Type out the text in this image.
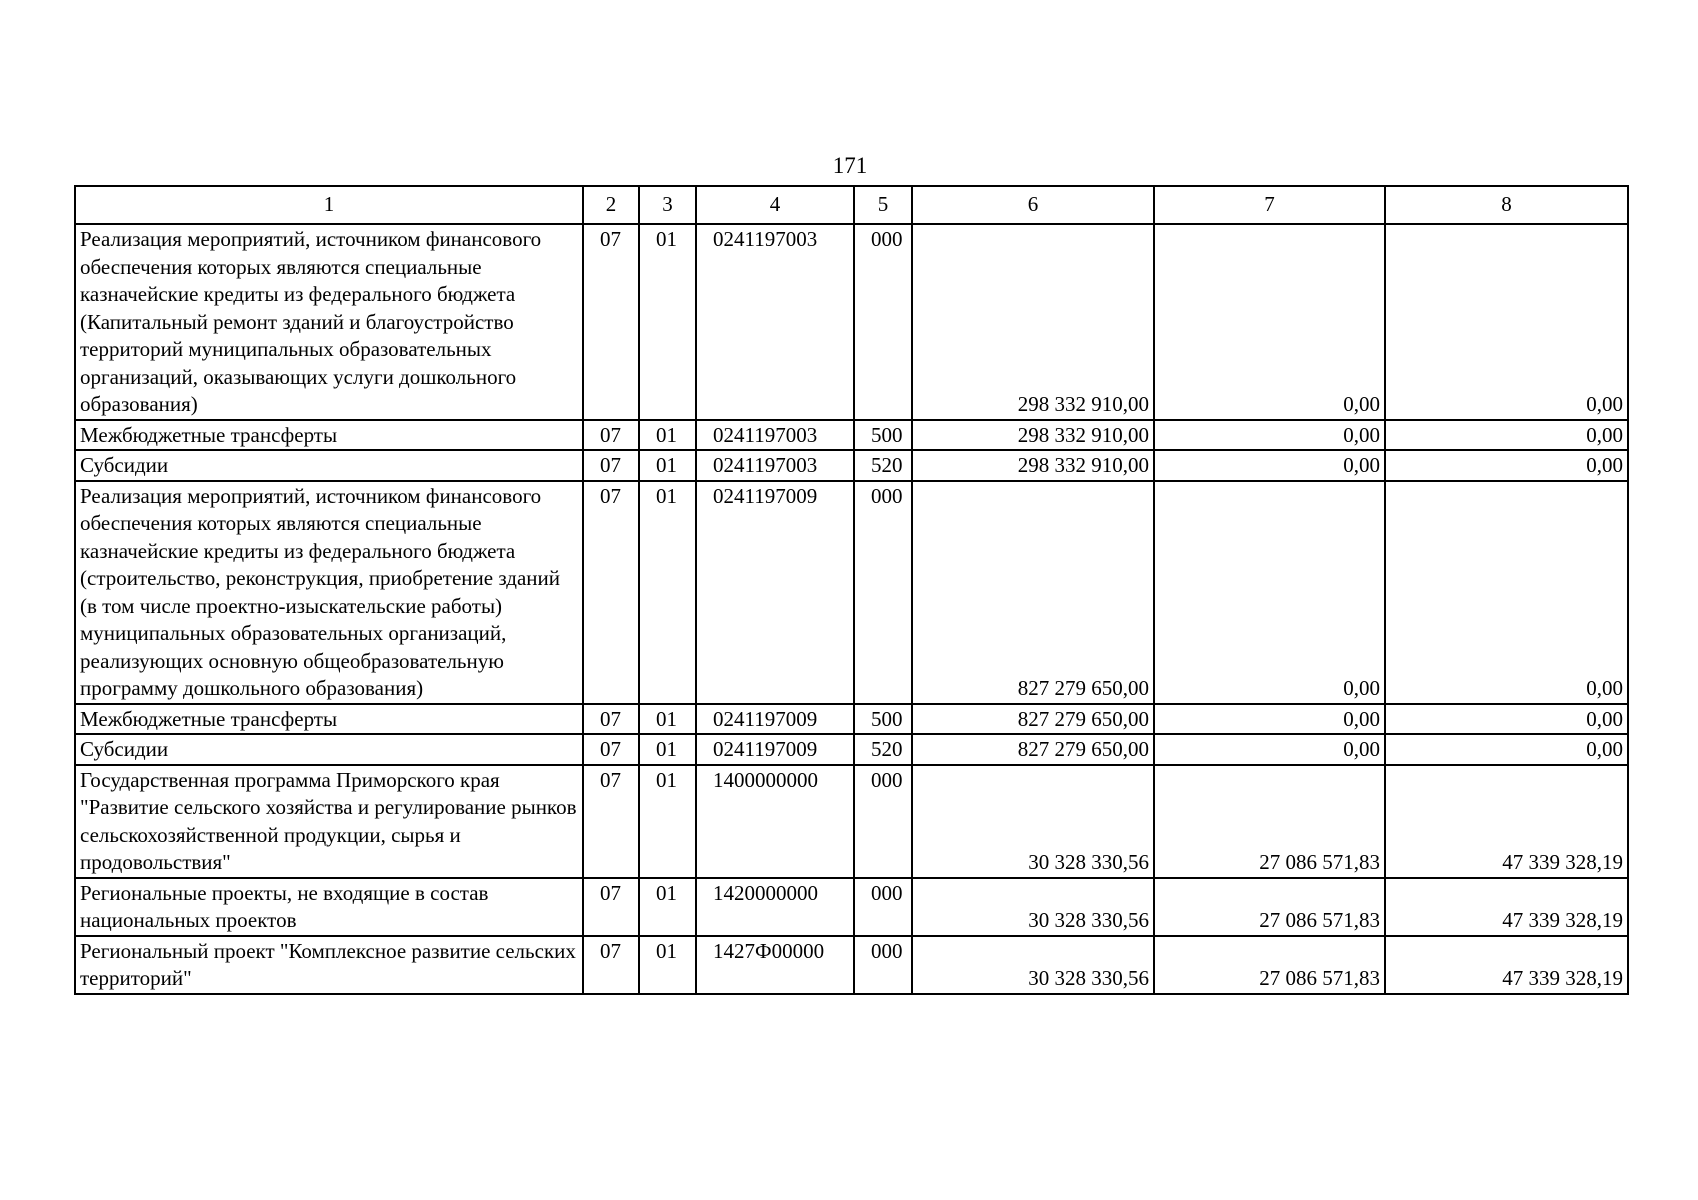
171
1	2	3	4	5	6	7	8
Реализация мероприятий, источником финансового обеспечения которых являются специальные казначейские кредиты из федерального бюджета (Капитальный ремонт зданий и благоустройство территорий муниципальных образовательных организаций, оказывающих услуги дошкольного образования)	07	01	0241197003	000	298 332 910,00	0,00	0,00
Межбюджетные трансферты	07	01	0241197003	500	298 332 910,00	0,00	0,00
Субсидии	07	01	0241197003	520	298 332 910,00	0,00	0,00
Реализация мероприятий, источником финансового обеспечения которых являются специальные казначейские кредиты из федерального бюджета (строительство, реконструкция, приобретение зданий (в том числе проектно-изыскательские работы) муниципальных образовательных организаций, реализующих основную общеобразовательную программу дошкольного образования)	07	01	0241197009	000	827 279 650,00	0,00	0,00
Межбюджетные трансферты	07	01	0241197009	500	827 279 650,00	0,00	0,00
Субсидии	07	01	0241197009	520	827 279 650,00	0,00	0,00
Государственная программа Приморского края "Развитие сельского хозяйства и регулирование рынков сельскохозяйственной продукции, сырья и продовольствия"	07	01	1400000000	000	30 328 330,56	27 086 571,83	47 339 328,19
Региональные проекты, не входящие в состав национальных проектов	07	01	1420000000	000	30 328 330,56	27 086 571,83	47 339 328,19
Региональный проект "Комплексное развитие сельских территорий"	07	01	1427Ф00000	000	30 328 330,56	27 086 571,83	47 339 328,19
